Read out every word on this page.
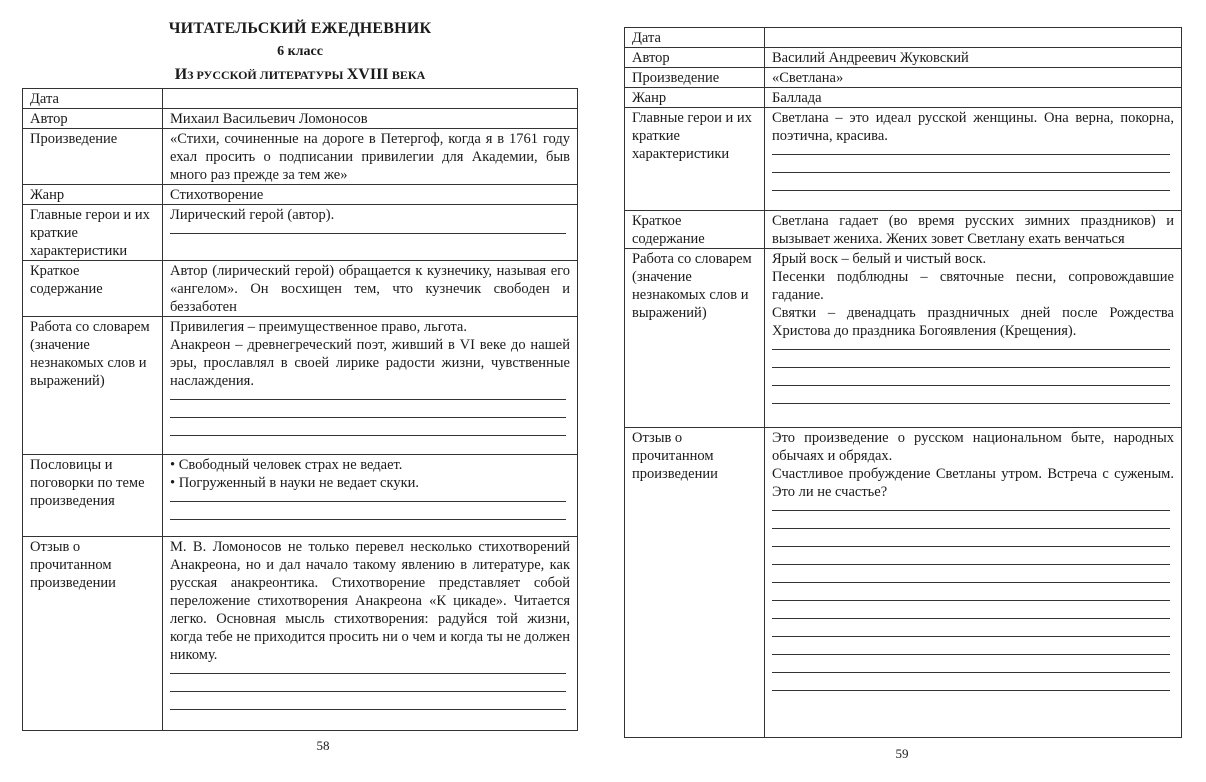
ЧИТАТЕЛЬСКИЙ ЕЖЕДНЕВНИК
6 класс
ИЗ РУССКОЙ ЛИТЕРАТУРЫ XVIII ВЕКА
Дата	
Автор	Михаил Васильевич Ломоносов
Произведение	«Стихи, сочиненные на дороге в Петергоф, когда я в 1761 году ехал просить о подписании привилегии для Академии, быв много раз прежде за тем же»
Жанр	Стихотворение
Главные герои и их краткие характеристики	Лирический герой (автор).

Краткое содержание	Автор (лирический герой) обращается к кузнечику, называя его «ангелом». Он восхищен тем, что кузнечик свободен и беззаботен
Работа со словарем (значение незнакомых слов и выражений)	Привилегия – преимущественное право, льгота.
Анакреон – древнегреческий поэт, живший в VI веке до нашей эры, прославлял в своей лирике радости жизни, чувственные наслаждения.

Пословицы и поговорки по теме произведения	• Свободный человек страх не ведает.
• Погруженный в науки не ведает скуки.

Отзыв о прочитанном произведении	М. В. Ломоносов не только перевел несколько стихотворений Анакреона, но и дал начало такому явлению в литературе, как русская анакреонтика. Стихотворение представляет собой переложение стихотворения Анакреона «К цикаде». Читается легко. Основная мысль стихотворения: радуйся той жизни, когда тебе не приходится просить ни о чем и когда ты не должен никому.
58
Дата	
Автор	Василий Андреевич Жуковский
Произведение	«Светлана»
Жанр	Баллада
Главные герои и их краткие характеристики	Светлана – это идеал русской женщины. Она верна, покорна, поэтична, красива.

Краткое содержание	Светлана гадает (во время русских зимних праздников) и вызывает жениха. Жених зовет Светлану ехать венчаться
Работа со словарем (значение незнакомых слов и выражений)	Ярый воск – белый и чистый воск.
Песенки подблюдны – святочные песни, сопровождавшие гадание.
Святки – двенадцать праздничных дней после Рождества Христова до праздника Богоявления (Крещения).

Отзыв о прочитанном произведении	Это произведение о русском национальном быте, народных обычаях и обрядах.
Счастливое пробуждение Светланы утром. Встреча с суженым. Это ли не счастье?
59
